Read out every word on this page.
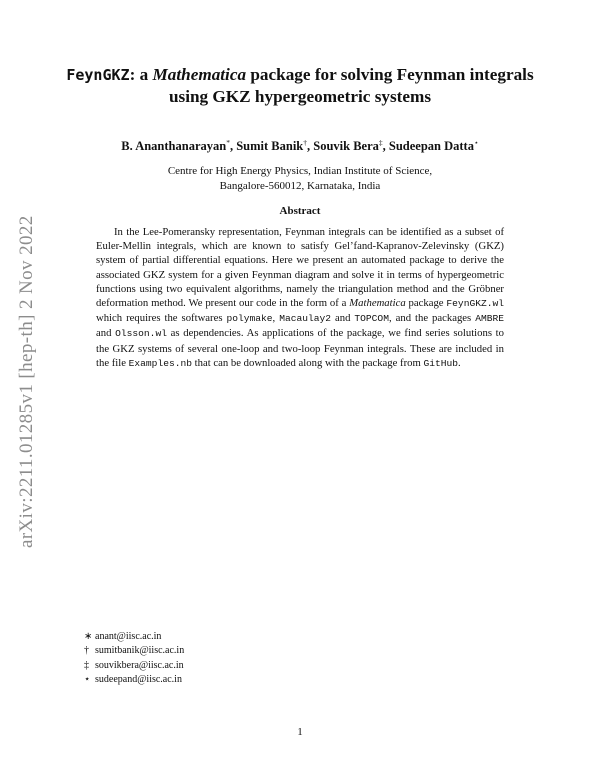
arXiv:2211.01285v1 [hep-th] 2 Nov 2022
FeynGKZ: a Mathematica package for solving Feynman integrals using GKZ hypergeometric systems
B. Ananthanarayan*, Sumit Banik†, Souvik Bera‡, Sudeepan Datta⋆
Centre for High Energy Physics, Indian Institute of Science,
Bangalore-560012, Karnataka, India
Abstract
In the Lee-Pomeransky representation, Feynman integrals can be identified as a subset of Euler-Mellin integrals, which are known to satisfy Gel’fand-Kapranov-Zelevinsky (GKZ) system of partial differential equations. Here we present an automated package to derive the associated GKZ system for a given Feynman diagram and solve it in terms of hypergeometric functions using two equivalent algorithms, namely the triangulation method and the Gröbner deformation method. We present our code in the form of a Mathematica package FeynGKZ.wl which requires the softwares polymake, Macaulay2 and TOPCOM, and the packages AMBRE and Olsson.wl as dependencies. As applications of the package, we find series solutions to the GKZ systems of several one-loop and two-loop Feynman integrals. These are included in the file Examples.nb that can be downloaded along with the package from GitHub.
∗ anant@iisc.ac.in
† sumitbanik@iisc.ac.in
‡ souvikbera@iisc.ac.in
⋆ sudeepand@iisc.ac.in
1
